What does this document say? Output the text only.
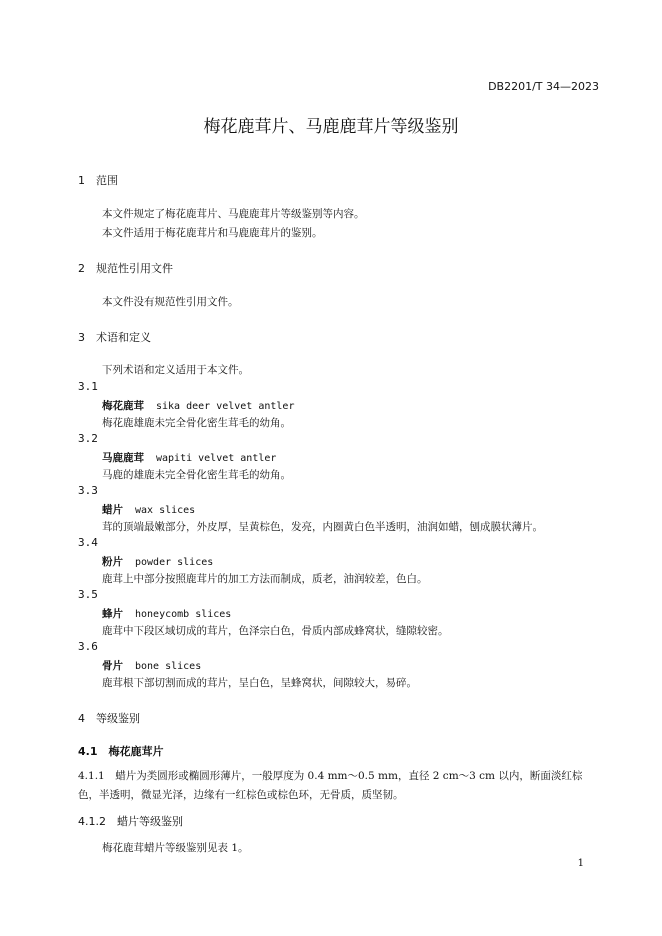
DB2201/T 34—2023
梅花鹿茸片、马鹿鹿茸片等级鉴别
1　范围
本文件规定了梅花鹿茸片、马鹿鹿茸片等级鉴别等内容。
本文件适用于梅花鹿茸片和马鹿鹿茸片的鉴别。
2　规范性引用文件
本文件没有规范性引用文件。
3　术语和定义
下列术语和定义适用于本文件。
3.1
梅花鹿茸 sika deer velvet antler
梅花鹿雄鹿未完全骨化密生茸毛的幼角。
3.2
马鹿鹿茸 wapiti velvet antler
马鹿的雄鹿未完全骨化密生茸毛的幼角。
3.3
蜡片 wax slices
茸的顶端最嫩部分，外皮厚，呈黄棕色，发亮，内圈黄白色半透明，油润如蜡，刨成膜状薄片。
3.4
粉片 powder slices
鹿茸上中部分按照鹿茸片的加工方法而制成，质老，油润较差，色白。
3.5
蜂片 honeycomb slices
鹿茸中下段区域切成的茸片，色泽宗白色，骨质内部成蜂窝状，缝隙较密。
3.6
骨片 bone slices
鹿茸根下部切割而成的茸片，呈白色，呈蜂窝状，间隙较大，易碎。
4　等级鉴别
4.1　梅花鹿茸片
4.1.1　蜡片为类圆形或椭圆形薄片，一般厚度为 0.4 mm～0.5 mm，直径 2 cm～3 cm 以内，断面淡红棕色，半透明，微显光泽，边缘有一红棕色或棕色环，无骨质，质坚韧。
4.1.2　蜡片等级鉴别
梅花鹿茸蜡片等级鉴别见表 1。
1
